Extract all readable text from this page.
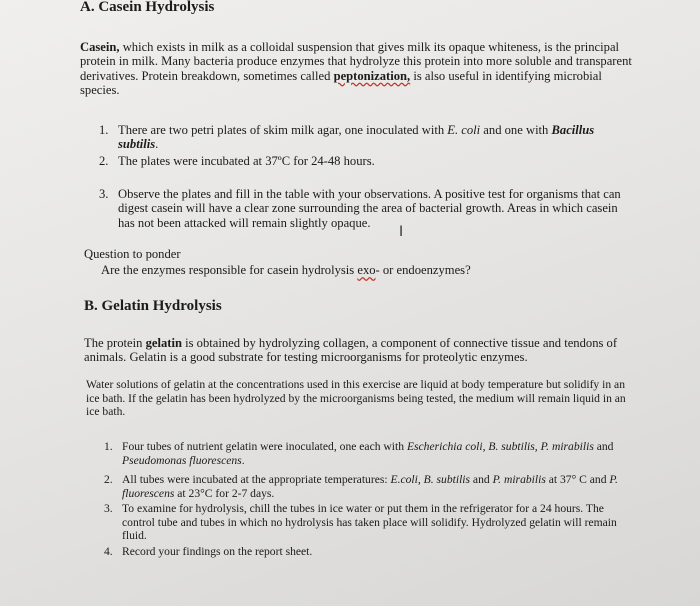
A. Casein Hydrolysis

Casein, which exists in milk as a colloidal suspension that gives milk its opaque whiteness, is the principal protein in milk. Many bacteria produce enzymes that hydrolyze this protein into more soluble and transparent derivatives. Protein breakdown, sometimes called peptonization, is also useful in identifying microbial species.

1. There are two petri plates of skim milk agar, one inoculated with E. coli and one with Bacillus subtilis.
2. The plates were incubated at 37ºC for 24-48 hours.
3. Observe the plates and fill in the table with your observations. A positive test for organisms that can digest casein will have a clear zone surrounding the area of bacterial growth. Areas in which casein has not been attacked will remain slightly opaque.
I

Question to ponder

Are the enzymes responsible for casein hydrolysis exo- or endoenzymes?

B. Gelatin Hydrolysis

The protein gelatin is obtained by hydrolyzing collagen, a component of connective tissue and tendons of animals. Gelatin is a good substrate for testing microorganisms for proteolytic enzymes.

Water solutions of gelatin at the concentrations used in this exercise are liquid at body temperature but solidify in an ice bath. If the gelatin has been hydrolyzed by the microorganisms being tested, the medium will remain liquid in an ice bath.

1. Four tubes of nutrient gelatin were inoculated, one each with Escherichia coli, B. subtilis, P. mirabilis and Pseudomonas fluorescens.
2. All tubes were incubated at the appropriate temperatures: E.coli, B. subtilis and P. mirabilis at 37° C and P. fluorescens at 23°C for 2-7 days.
3. To examine for hydrolysis, chill the tubes in ice water or put them in the refrigerator for a 24 hours. The control tube and tubes in which no hydrolysis has taken place will solidify. Hydrolyzed gelatin will remain fluid.
4. Record your findings on the report sheet.
